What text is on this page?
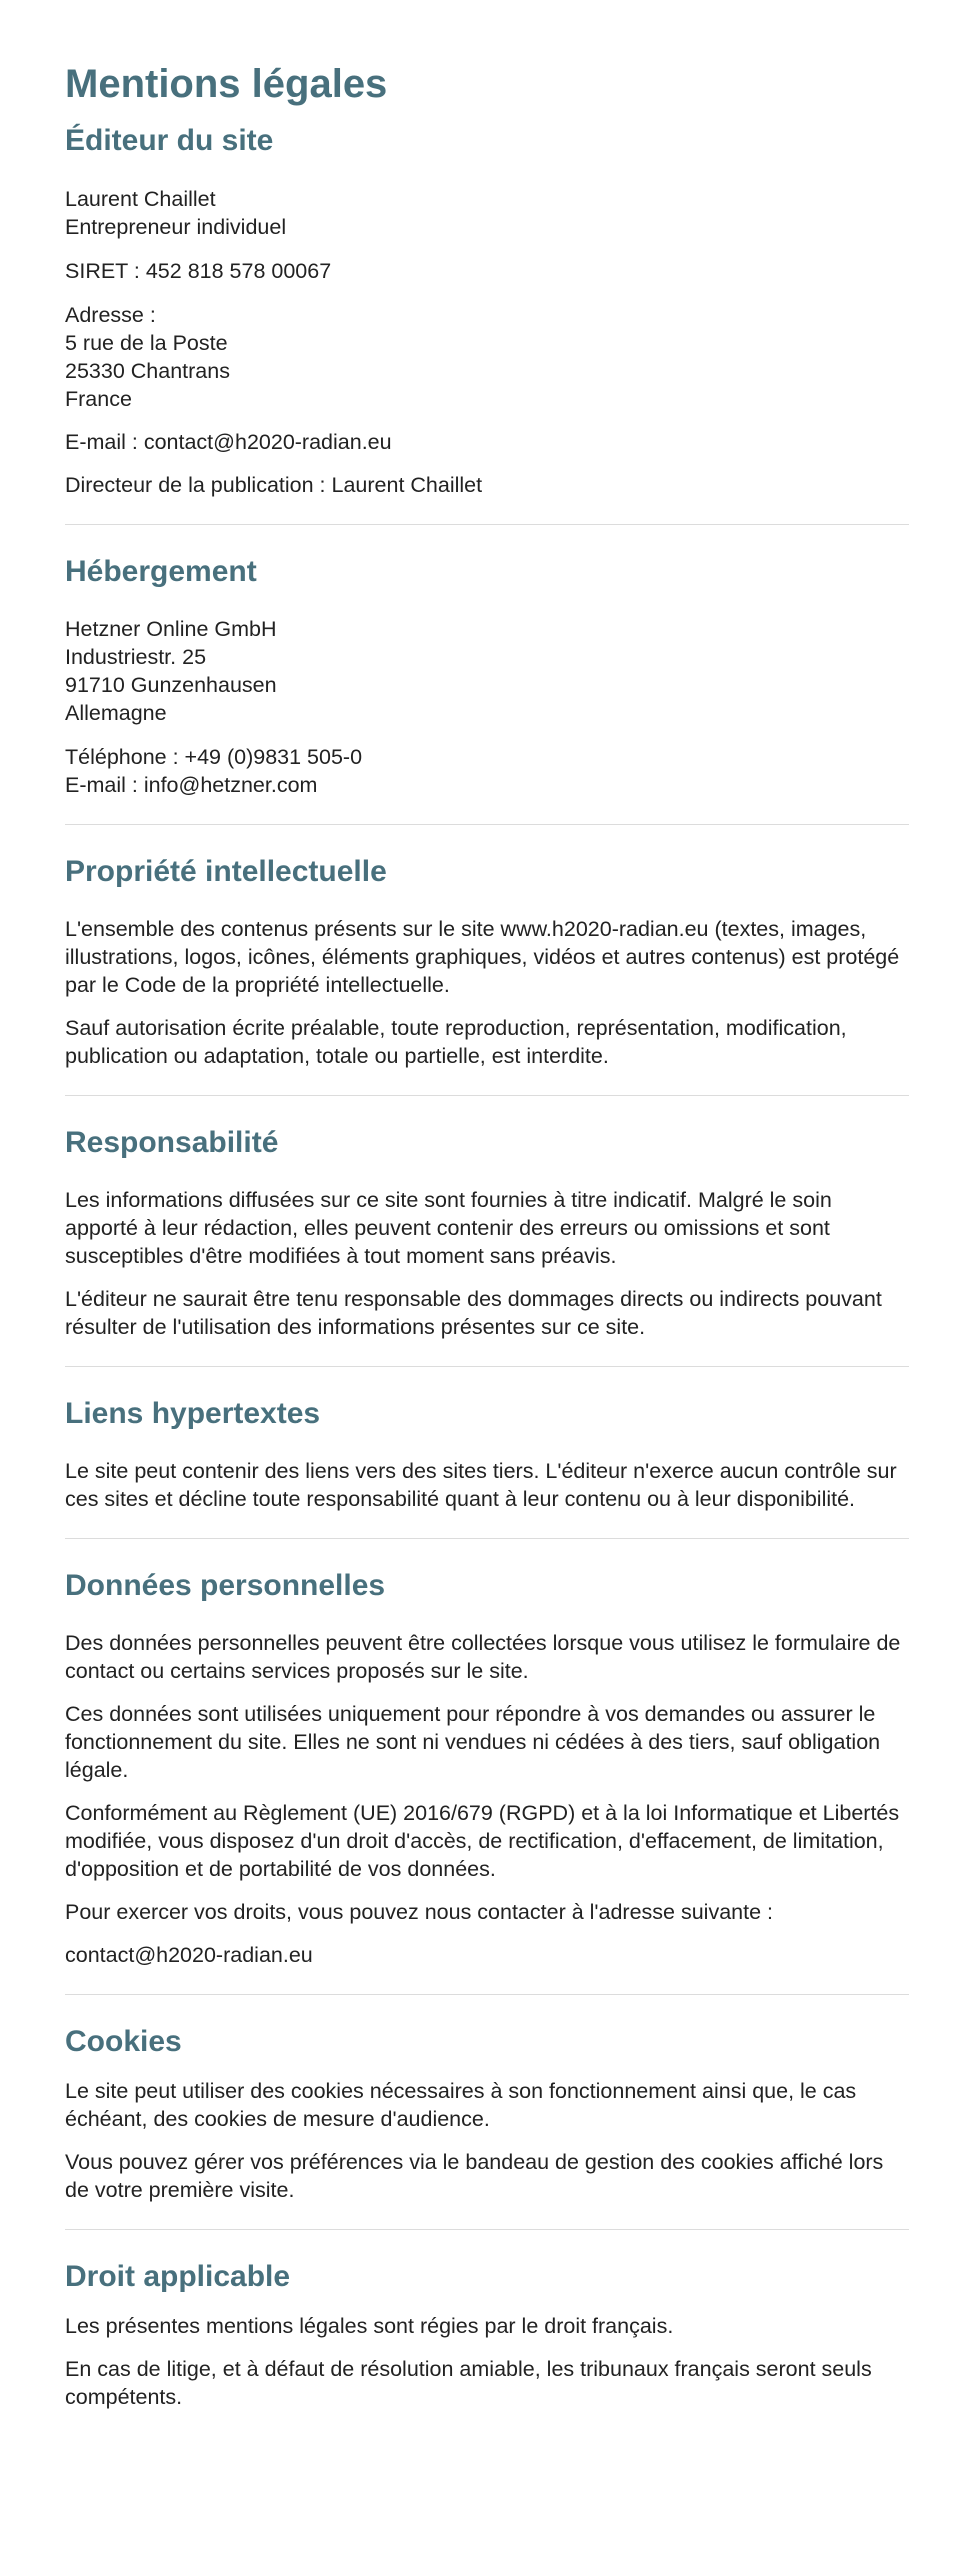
Mentions légales
Éditeur du site

Laurent Chaillet
Entrepreneur individuel

SIRET : 452 818 578 00067

Adresse :
5 rue de la Poste
25330 Chantrans
France

E-mail : contact@h2020-radian.eu

Directeur de la publication : Laurent Chaillet

Hébergement

Hetzner Online GmbH
Industriestr. 25
91710 Gunzenhausen
Allemagne

Téléphone : +49 (0)9831 505-0
E-mail : info@hetzner.com

Propriété intellectuelle

L'ensemble des contenus présents sur le site www.h2020-radian.eu (textes, images, illustrations, logos, icônes, éléments graphiques, vidéos et autres contenus) est protégé par le Code de la propriété intellectuelle.

Sauf autorisation écrite préalable, toute reproduction, représentation, modification, publication ou adaptation, totale ou partielle, est interdite.

Responsabilité

Les informations diffusées sur ce site sont fournies à titre indicatif. Malgré le soin apporté à leur rédaction, elles peuvent contenir des erreurs ou omissions et sont susceptibles d'être modifiées à tout moment sans préavis.

L'éditeur ne saurait être tenu responsable des dommages directs ou indirects pouvant résulter de l'utilisation des informations présentes sur ce site.

Liens hypertextes

Le site peut contenir des liens vers des sites tiers. L'éditeur n'exerce aucun contrôle sur ces sites et décline toute responsabilité quant à leur contenu ou à leur disponibilité.

Données personnelles

Des données personnelles peuvent être collectées lorsque vous utilisez le formulaire de contact ou certains services proposés sur le site.

Ces données sont utilisées uniquement pour répondre à vos demandes ou assurer le fonctionnement du site. Elles ne sont ni vendues ni cédées à des tiers, sauf obligation légale.

Conformément au Règlement (UE) 2016/679 (RGPD) et à la loi Informatique et Libertés modifiée, vous disposez d'un droit d'accès, de rectification, d'effacement, de limitation, d'opposition et de portabilité de vos données.

Pour exercer vos droits, vous pouvez nous contacter à l'adresse suivante :

contact@h2020-radian.eu

Cookies

Le site peut utiliser des cookies nécessaires à son fonctionnement ainsi que, le cas échéant, des cookies de mesure d'audience.

Vous pouvez gérer vos préférences via le bandeau de gestion des cookies affiché lors de votre première visite.

Droit applicable

Les présentes mentions légales sont régies par le droit français.

En cas de litige, et à défaut de résolution amiable, les tribunaux français seront seuls compétents.
